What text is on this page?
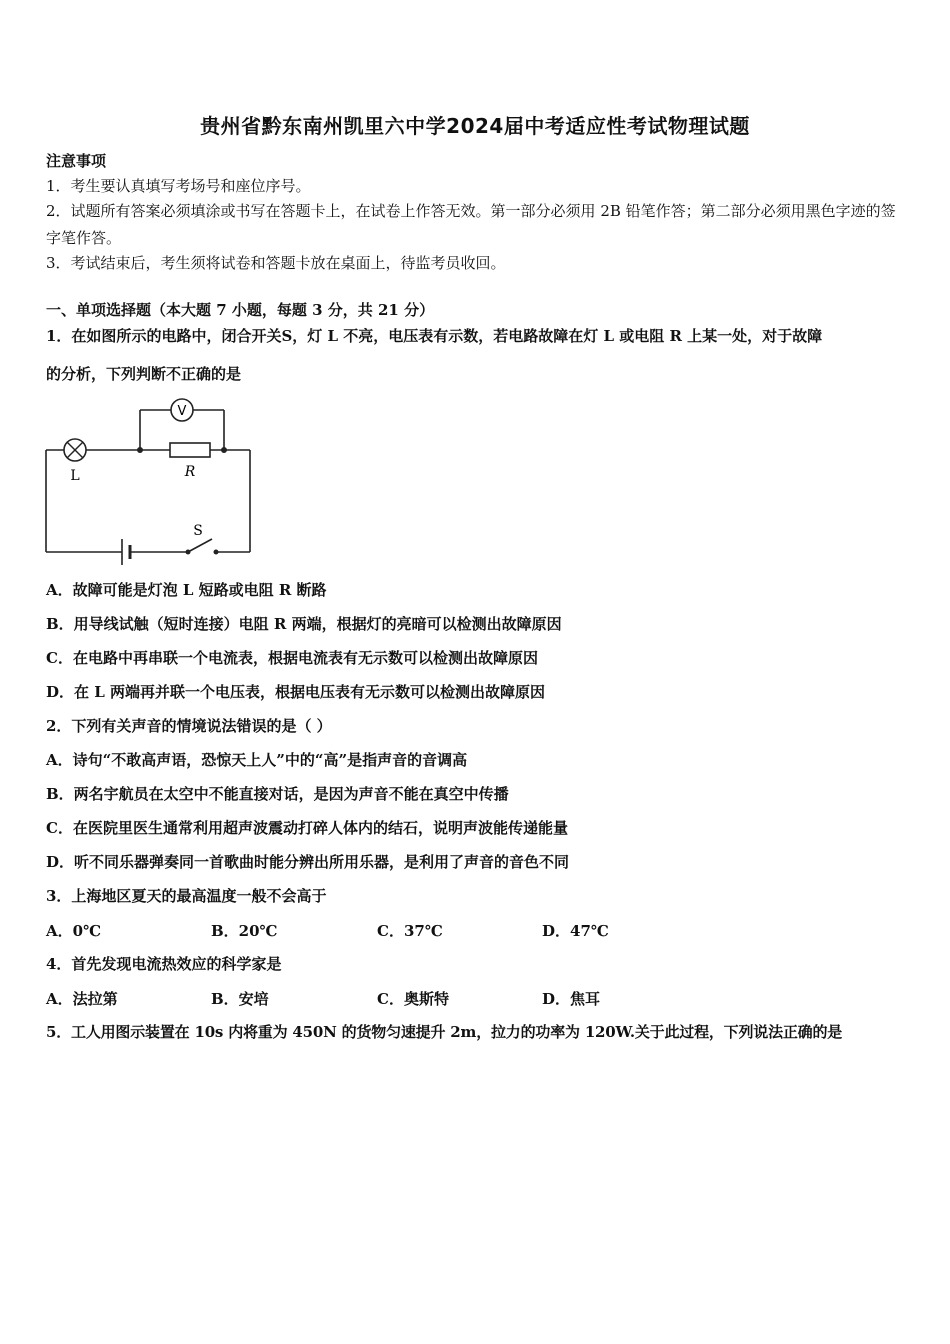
贵州省黔东南州凯里六中学2024届中考适应性考试物理试题
注意事项
1．考生要认真填写考场号和座位序号。
2．试题所有答案必须填涂或书写在答题卡上，在试卷上作答无效。第一部分必须用 2B 铅笔作答；第二部分必须用黑色字迹的签字笔作答。
3．考试结束后，考生须将试卷和答题卡放在桌面上，待监考员收回。
一、单项选择题（本大题 7 小题，每题 3 分，共 21 分）
1．在如图所示的电路中，闭合开关S，灯 L 不亮，电压表有示数，若电路故障在灯 L 或电阻 R 上某一处，对于故障
的分析，下列判断不正确的是
L	R
V
S
A．故障可能是灯泡 L 短路或电阻 R 断路
B．用导线试触（短时连接）电阻 R 两端，根据灯的亮暗可以检测出故障原因
C．在电路中再串联一个电流表，根据电流表有无示数可以检测出故障原因
D．在 L 两端再并联一个电压表，根据电压表有无示数可以检测出故障原因
2．下列有关声音的情境说法错误的是（ ）
A．诗句“不敢高声语，恐惊天上人”中的“高”是指声音的音调高
B．两名宇航员在太空中不能直接对话，是因为声音不能在真空中传播
C．在医院里医生通常利用超声波震动打碎人体内的结石，说明声波能传递能量
D．听不同乐器弹奏同一首歌曲时能分辨出所用乐器，是利用了声音的音色不同
3．上海地区夏天的最高温度一般不会高于
A．0℃	B．20℃	C．37℃	D．47℃
4．首先发现电流热效应的科学家是
A．法拉第	B．安培	C．奥斯特	D．焦耳
5．工人用图示装置在 10s 内将重为 450N 的货物匀速提升 2m，拉力的功率为 120W.关于此过程，下列说法正确的是
